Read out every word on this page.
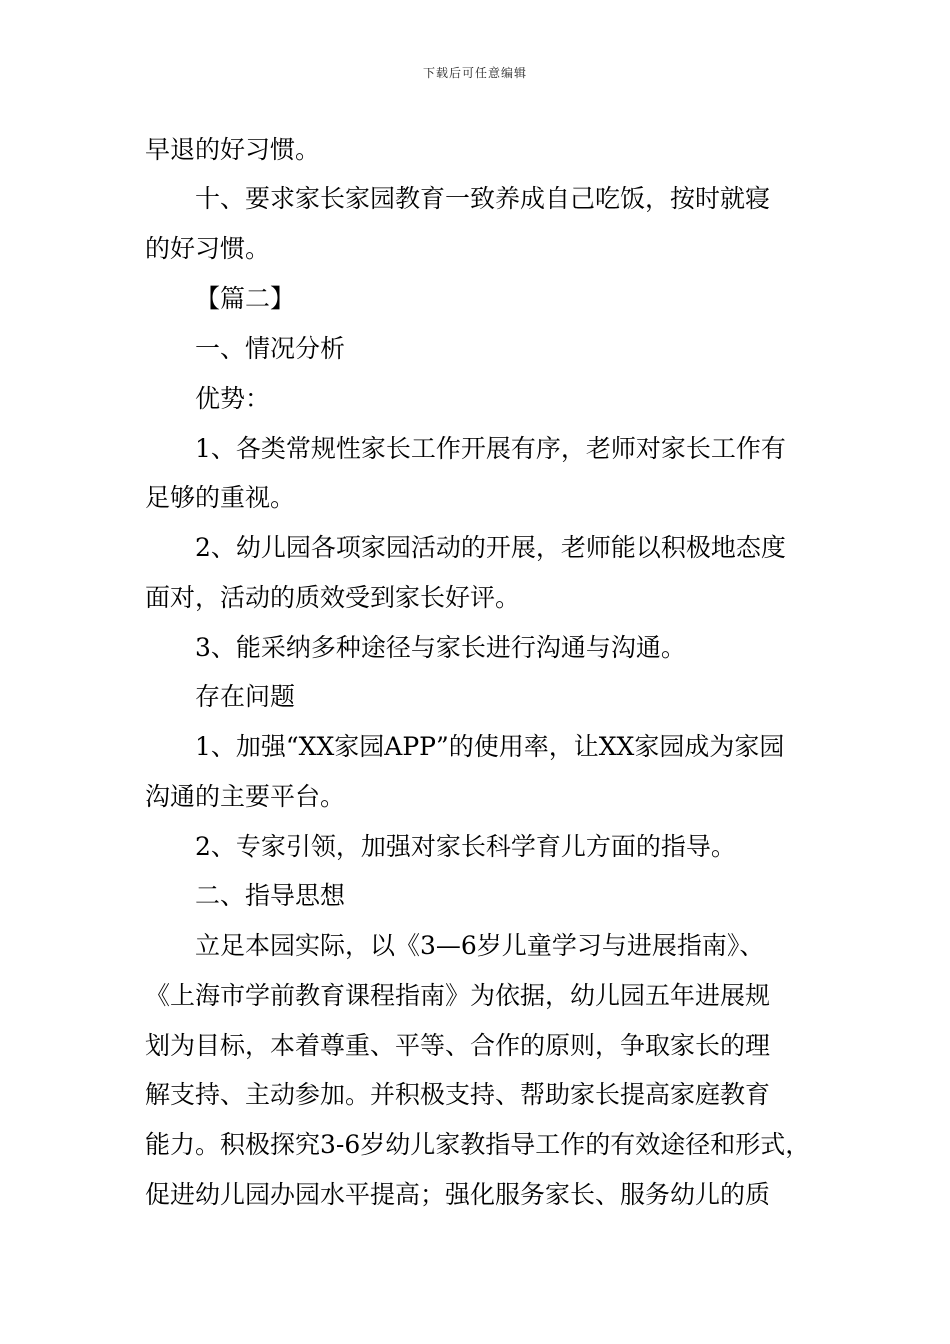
下载后可任意编辑
早退的好习惯。
十、要求家长家园教育一致养成自己吃饭，按时就寝
的好习惯。
【篇二】
一、情况分析
优势：
1、各类常规性家长工作开展有序，老师对家长工作有
足够的重视。
2、幼儿园各项家园活动的开展，老师能以积极地态度
面对，活动的质效受到家长好评。
3、能采纳多种途径与家长进行沟通与沟通。
存在问题
1、加强“XX家园APP”的使用率，让XX家园成为家园
沟通的主要平台。
2、专家引领，加强对家长科学育儿方面的指导。
二、指导思想
立足本园实际，以《3—6岁儿童学习与进展指南》、
《上海市学前教育课程指南》为依据，幼儿园五年进展规
划为目标，本着尊重、平等、合作的原则，争取家长的理
解支持、主动参加。并积极支持、帮助家长提高家庭教育
能力。积极探究3-6岁幼儿家教指导工作的有效途径和形式，
促进幼儿园办园水平提高；强化服务家长、服务幼儿的质
